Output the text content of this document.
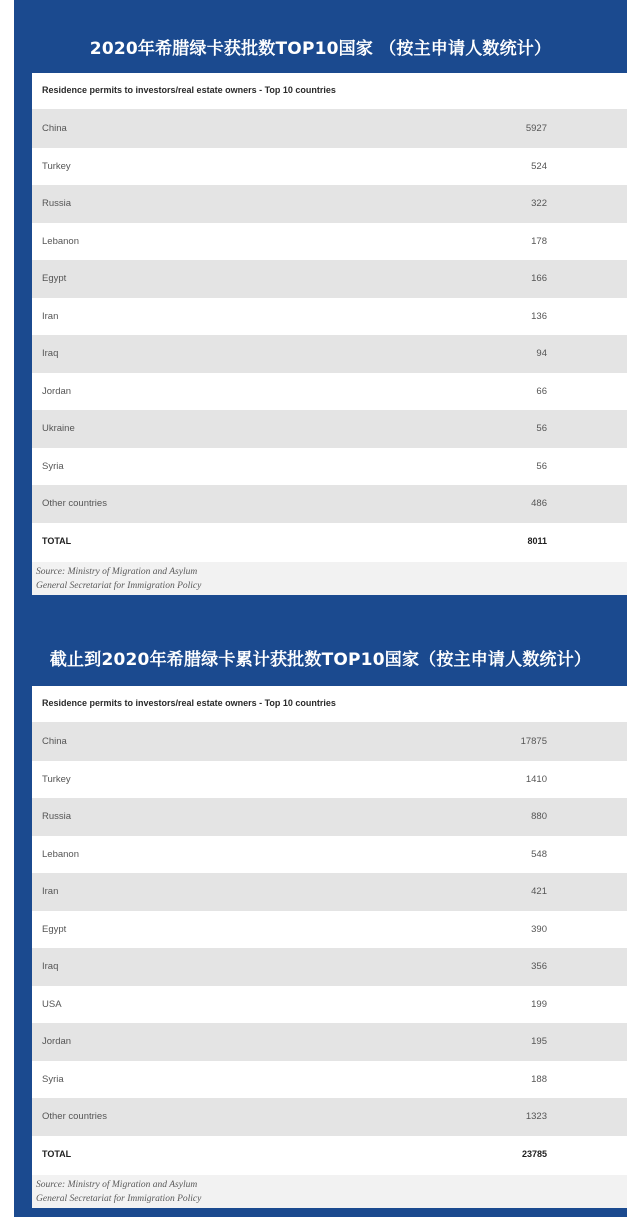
2020年希腊绿卡获批数TOP10国家 （按主申请人数统计）
Residence permits to investors/real estate owners - Top 10 countries
China	5927
Turkey	524
Russia	322
Lebanon	178
Egypt	166
Iran	136
Iraq	94
Jordan	66
Ukraine	56
Syria	56
Other countries	486
TOTAL	8011
Source: Ministry of Migration and Asylum
General Secretariat for Immigration Policy
截止到2020年希腊绿卡累计获批数TOP10国家（按主申请人数统计）
Residence permits to investors/real estate owners - Top 10 countries
China	17875
Turkey	1410
Russia	880
Lebanon	548
Iran	421
Egypt	390
Iraq	356
USA	199
Jordan	195
Syria	188
Other countries	1323
TOTAL	23785
Source: Ministry of Migration and Asylum
General Secretariat for Immigration Policy
